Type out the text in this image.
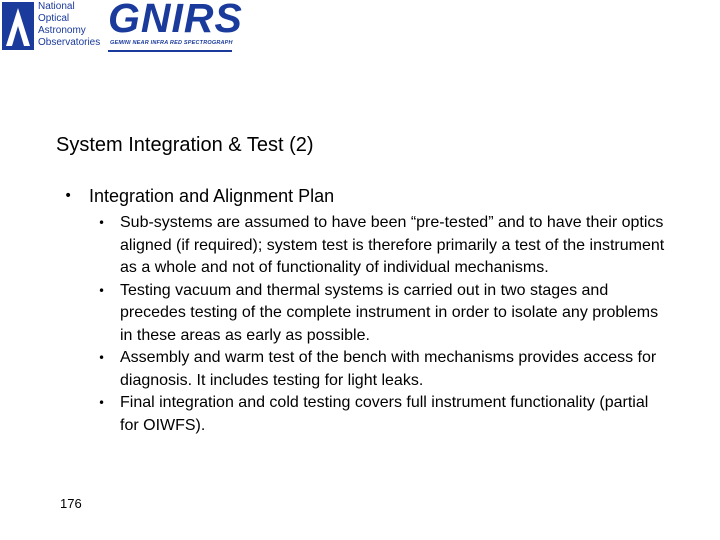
National
Optical
Astronomy
Observatories
GNIRS
GEMINI NEAR INFRA RED SPECTROGRAPH
System Integration & Test (2)
• Integration and Alignment Plan
• Sub-systems are assumed to have been “pre-tested” and to have their optics aligned (if required); system test is therefore primarily a test of the instrument as a whole and not of functionality of individual mechanisms.
• Testing vacuum and thermal systems is carried out in two stages and precedes testing of the complete instrument in order to isolate any problems in these areas as early as possible.
• Assembly and warm test of the bench with mechanisms provides access for diagnosis. It includes testing for light leaks.
• Final integration and cold testing covers full instrument functionality (partial for OIWFS).
176
